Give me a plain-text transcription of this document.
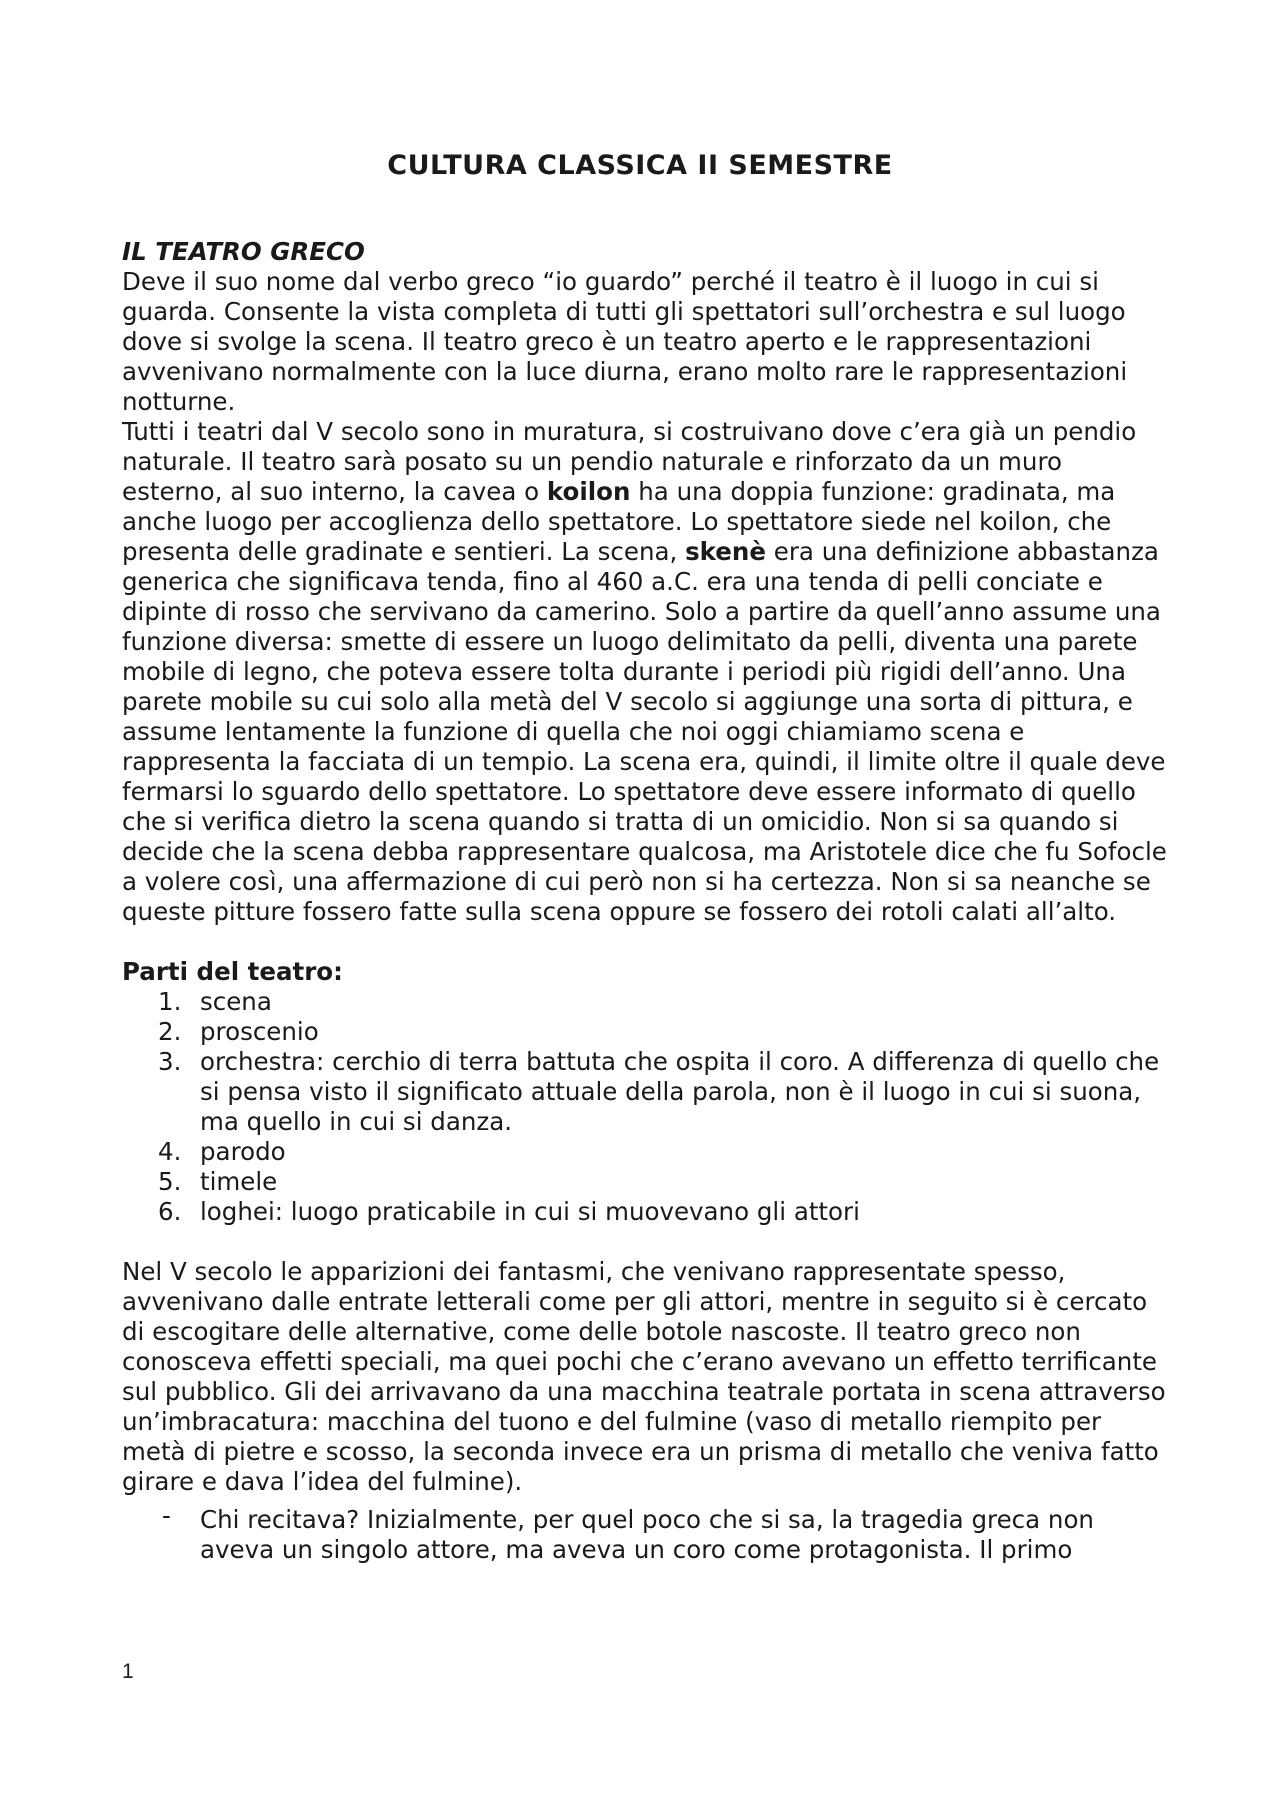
CULTURA CLASSICA II SEMESTRE

IL TEATRO GRECO

Deve il suo nome dal verbo greco “io guardo” perché il teatro è il luogo in cui si guarda. Consente la vista completa di tutti gli spettatori sull’orchestra e sul luogo dove si svolge la scena. Il teatro greco è un teatro aperto e le rappresentazioni avvenivano normalmente con la luce diurna, erano molto rare le rappresentazioni notturne.

Tutti i teatri dal V secolo sono in muratura, si costruivano dove c’era già un pendio naturale. Il teatro sarà posato su un pendio naturale e rinforzato da un muro esterno, al suo interno, la cavea o koilon ha una doppia funzione: gradinata, ma anche luogo per accoglienza dello spettatore. Lo spettatore siede nel koilon, che presenta delle gradinate e sentieri. La scena, skenè era una definizione abbastanza generica che significava tenda, fino al 460 a.C. era una tenda di pelli conciate e dipinte di rosso che servivano da camerino. Solo a partire da quell’anno assume una funzione diversa: smette di essere un luogo delimitato da pelli, diventa una parete mobile di legno, che poteva essere tolta durante i periodi più rigidi dell’anno. Una parete mobile su cui solo alla metà del V secolo si aggiunge una sorta di pittura, e assume lentamente la funzione di quella che noi oggi chiamiamo scena e rappresenta la facciata di un tempio. La scena era, quindi, il limite oltre il quale deve fermarsi lo sguardo dello spettatore. Lo spettatore deve essere informato di quello che si verifica dietro la scena quando si tratta di un omicidio. Non si sa quando si decide che la scena debba rappresentare qualcosa, ma Aristotele dice che fu Sofocle a volere così, una affermazione di cui però non si ha certezza. Non si sa neanche se queste pitture fossero fatte sulla scena oppure se fossero dei rotoli calati all’alto.

Parti del teatro:

1. scena
2. proscenio
3. orchestra: cerchio di terra battuta che ospita il coro. A differenza di quello che si pensa visto il significato attuale della parola, non è il luogo in cui si suona, ma quello in cui si danza.
4. parodo
5. timele
6. loghei: luogo praticabile in cui si muovevano gli attori

Nel V secolo le apparizioni dei fantasmi, che venivano rappresentate spesso, avvenivano dalle entrate letterali come per gli attori, mentre in seguito si è cercato di escogitare delle alternative, come delle botole nascoste. Il teatro greco non conosceva effetti speciali, ma quei pochi che c’erano avevano un effetto terrificante sul pubblico. Gli dei arrivavano da una macchina teatrale portata in scena attraverso un’imbracatura: macchina del tuono e del fulmine (vaso di metallo riempito per metà di pietre e scosso, la seconda invece era un prisma di metallo che veniva fatto girare e dava l’idea del fulmine).

- Chi recitava? Inizialmente, per quel poco che si sa, la tragedia greca non aveva un singolo attore, ma aveva un coro come protagonista. Il primo
1
